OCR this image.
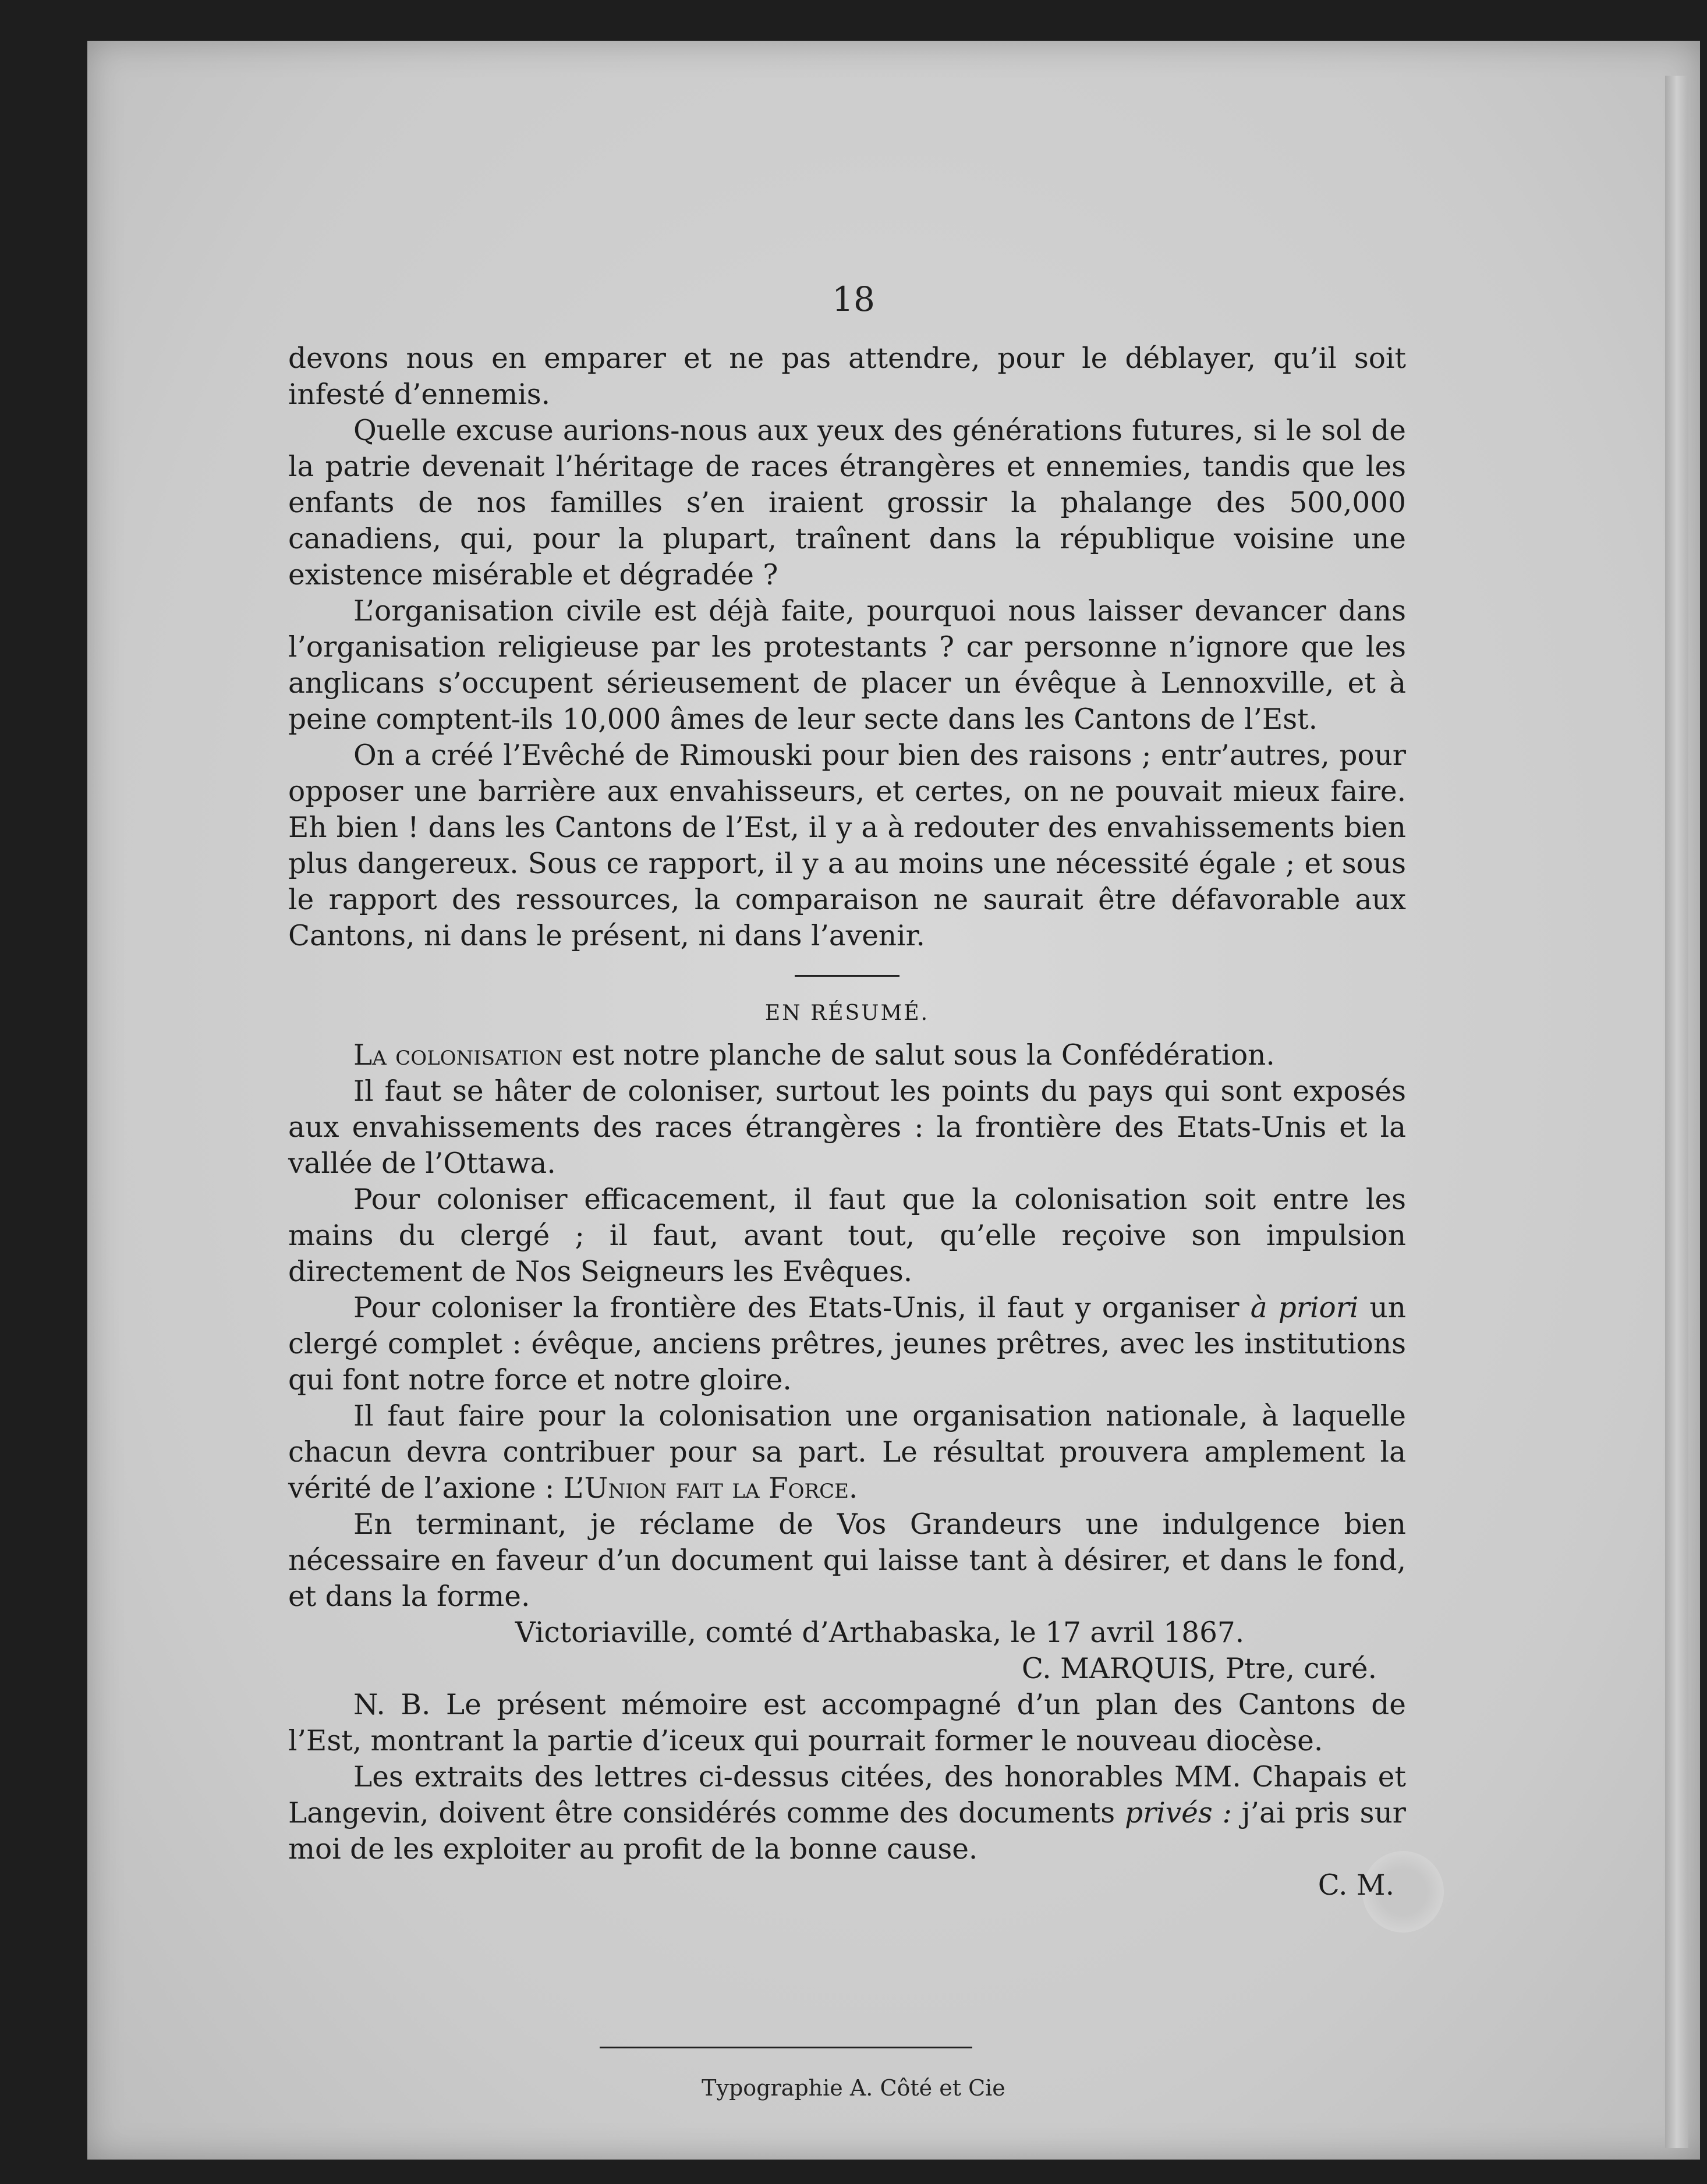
18

devons nous en emparer et ne pas attendre, pour le déblayer, qu’il soit infesté d’ennemis.

Quelle excuse aurions-nous aux yeux des générations futures, si le sol de la patrie devenait l’héritage de races étrangères et ennemies, tandis que les enfants de nos familles s’en iraient grossir la phalange des 500,000 canadiens, qui, pour la plupart, traînent dans la république voisine une existence misérable et dégradée ?

L’organisation civile est déjà faite, pourquoi nous laisser devancer dans l’organisation religieuse par les protestants ? car personne n’ignore que les anglicans s’occupent sérieusement de placer un évêque à Lennoxville, et à peine comptent-ils 10,000 âmes de leur secte dans les Cantons de l’Est.

On a créé l’Evêché de Rimouski pour bien des raisons ; entr’autres, pour opposer une barrière aux envahisseurs, et certes, on ne pouvait mieux faire. Eh bien ! dans les Cantons de l’Est, il y a à redouter des envahissements bien plus dangereux. Sous ce rapport, il y a au moins une nécessité égale ; et sous le rapport des ressources, la comparaison ne saurait être défavorable aux Cantons, ni dans le présent, ni dans l’avenir.

EN RÉSUMÉ.

La colonisation est notre planche de salut sous la Confédération.

Il faut se hâter de coloniser, surtout les points du pays qui sont exposés aux envahissements des races étrangères : la frontière des Etats-Unis et la vallée de l’Ottawa.

Pour coloniser efficacement, il faut que la colonisation soit entre les mains du clergé ; il faut, avant tout, qu’elle reçoive son impulsion directement de Nos Seigneurs les Evêques.

Pour coloniser la frontière des Etats-Unis, il faut y organiser à priori un clergé complet : évêque, anciens prêtres, jeunes prêtres, avec les institutions qui font notre force et notre gloire.

Il faut faire pour la colonisation une organisation nationale, à laquelle chacun devra contribuer pour sa part. Le résultat prouvera amplement la vérité de l’axione : L’Union fait la Force.

En terminant, je réclame de Vos Grandeurs une indulgence bien nécessaire en faveur d’un document qui laisse tant à désirer, et dans le fond, et dans la forme.

Victoriaville, comté d’Arthabaska, le 17 avril 1867.

C. MARQUIS, Ptre, curé.

N. B. Le présent mémoire est accompagné d’un plan des Cantons de l’Est, montrant la partie d’iceux qui pourrait former le nouveau diocèse.

Les extraits des lettres ci-dessus citées, des honorables MM. Chapais et Langevin, doivent être considérés comme des documents privés : j’ai pris sur moi de les exploiter au profit de la bonne cause.

C. M.

Typographie A. Côté et Cie
